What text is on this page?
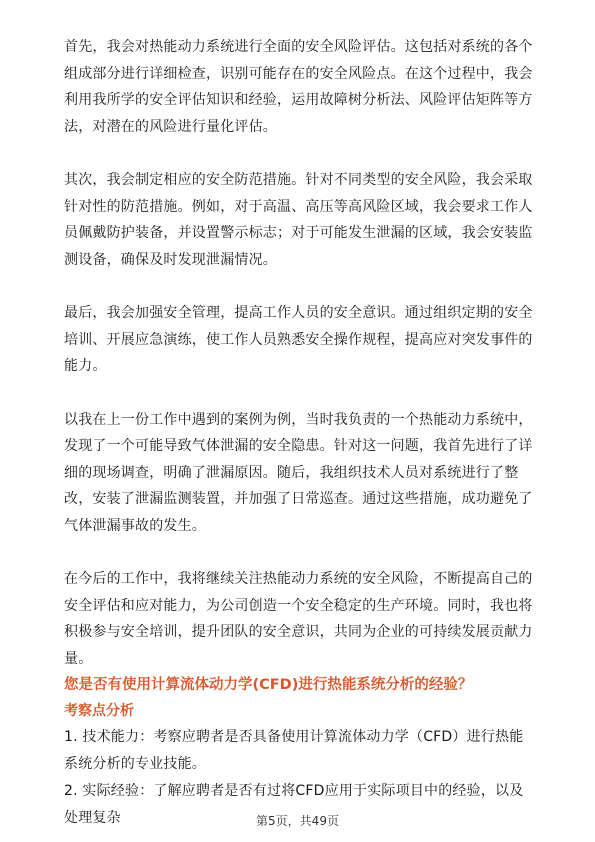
首先，我会对热能动力系统进行全面的安全风险评估。这包括对系统的各个组成部分进行详细检查，识别可能存在的安全风险点。在这个过程中，我会利用我所学的安全评估知识和经验，运用故障树分析法、风险评估矩阵等方法，对潜在的风险进行量化评估。

其次，我会制定相应的安全防范措施。针对不同类型的安全风险，我会采取针对性的防范措施。例如，对于高温、高压等高风险区域，我会要求工作人员佩戴防护装备，并设置警示标志；对于可能发生泄漏的区域，我会安装监测设备，确保及时发现泄漏情况。

最后，我会加强安全管理，提高工作人员的安全意识。通过组织定期的安全培训、开展应急演练，使工作人员熟悉安全操作规程，提高应对突发事件的能力。

以我在上一份工作中遇到的案例为例，当时我负责的一个热能动力系统中，发现了一个可能导致气体泄漏的安全隐患。针对这一问题，我首先进行了详细的现场调查，明确了泄漏原因。随后，我组织技术人员对系统进行了整改，安装了泄漏监测装置，并加强了日常巡查。通过这些措施，成功避免了气体泄漏事故的发生。

在今后的工作中，我将继续关注热能动力系统的安全风险，不断提高自己的安全评估和应对能力，为公司创造一个安全稳定的生产环境。同时，我也将积极参与安全培训，提升团队的安全意识，共同为企业的可持续发展贡献力量。

您是否有使用计算流体动力学(CFD)进行热能系统分析的经验？

考察点分析

1. 技术能力：考察应聘者是否具备使用计算流体动力学（CFD）进行热能系统分析的专业技能。

2. 实际经验：了解应聘者是否有过将CFD应用于实际项目中的经验，以及处理复杂	第5页，共49页
